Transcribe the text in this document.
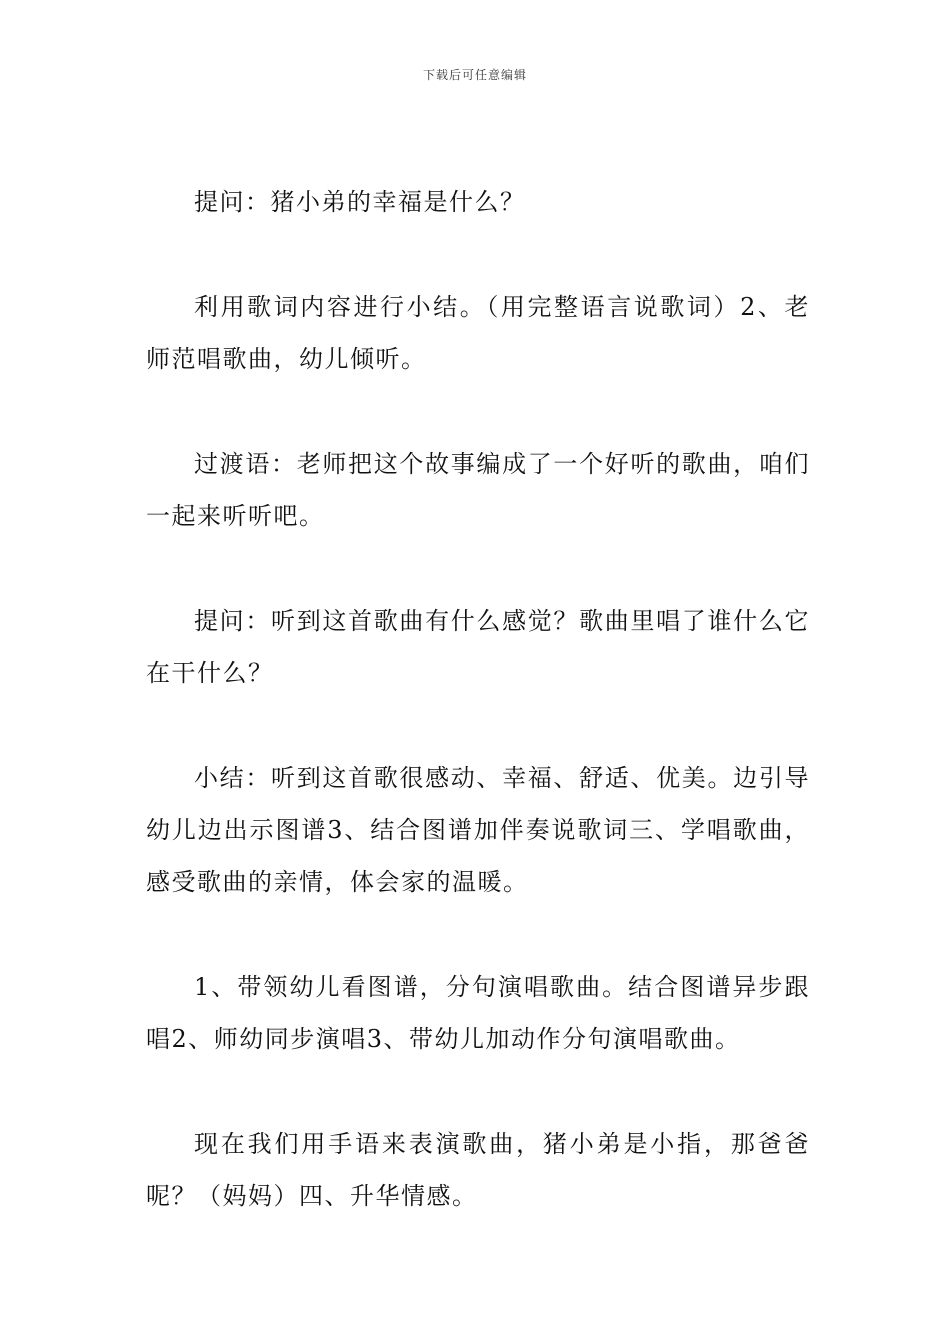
下载后可任意编辑

提问：猪小弟的幸福是什么？

利用歌词内容进行小结。（用完整语言说歌词）2、老师范唱歌曲，幼儿倾听。

过渡语：老师把这个故事编成了一个好听的歌曲，咱们一起来听听吧。

提问：听到这首歌曲有什么感觉？歌曲里唱了谁什么它在干什么？

小结：听到这首歌很感动、幸福、舒适、优美。边引导幼儿边出示图谱3、结合图谱加伴奏说歌词三、学唱歌曲，感受歌曲的亲情，体会家的温暖。

1、带领幼儿看图谱，分句演唱歌曲。结合图谱异步跟唱2、师幼同步演唱3、带幼儿加动作分句演唱歌曲。

现在我们用手语来表演歌曲，猪小弟是小指，那爸爸呢？（妈妈）四、升华情感。
